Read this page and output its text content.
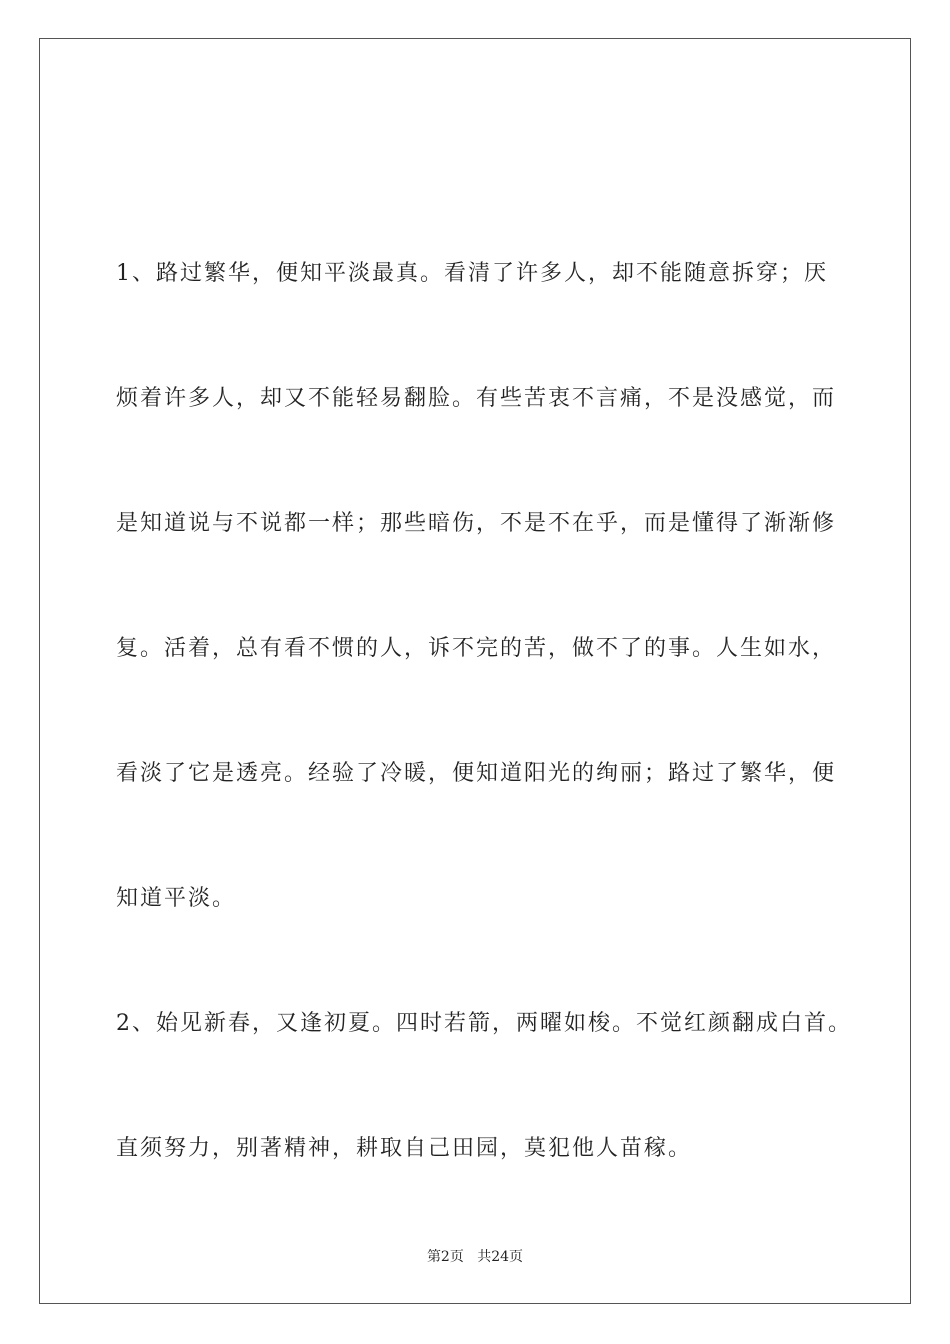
1、路过繁华，便知平淡最真。看清了许多人，却不能随意拆穿；厌
烦着许多人，却又不能轻易翻脸。有些苦衷不言痛，不是没感觉，而
是知道说与不说都一样；那些暗伤，不是不在乎，而是懂得了渐渐修
复。活着，总有看不惯的人，诉不完的苦，做不了的事。人生如水，
看淡了它是透亮。经验了冷暖，便知道阳光的绚丽；路过了繁华，便
知道平淡。
2、始见新春，又逢初夏。四时若箭，两曜如梭。不觉红颜翻成白首。
直须努力，别著精神，耕取自己田园，莫犯他人苗稼。
第2页 共24页
